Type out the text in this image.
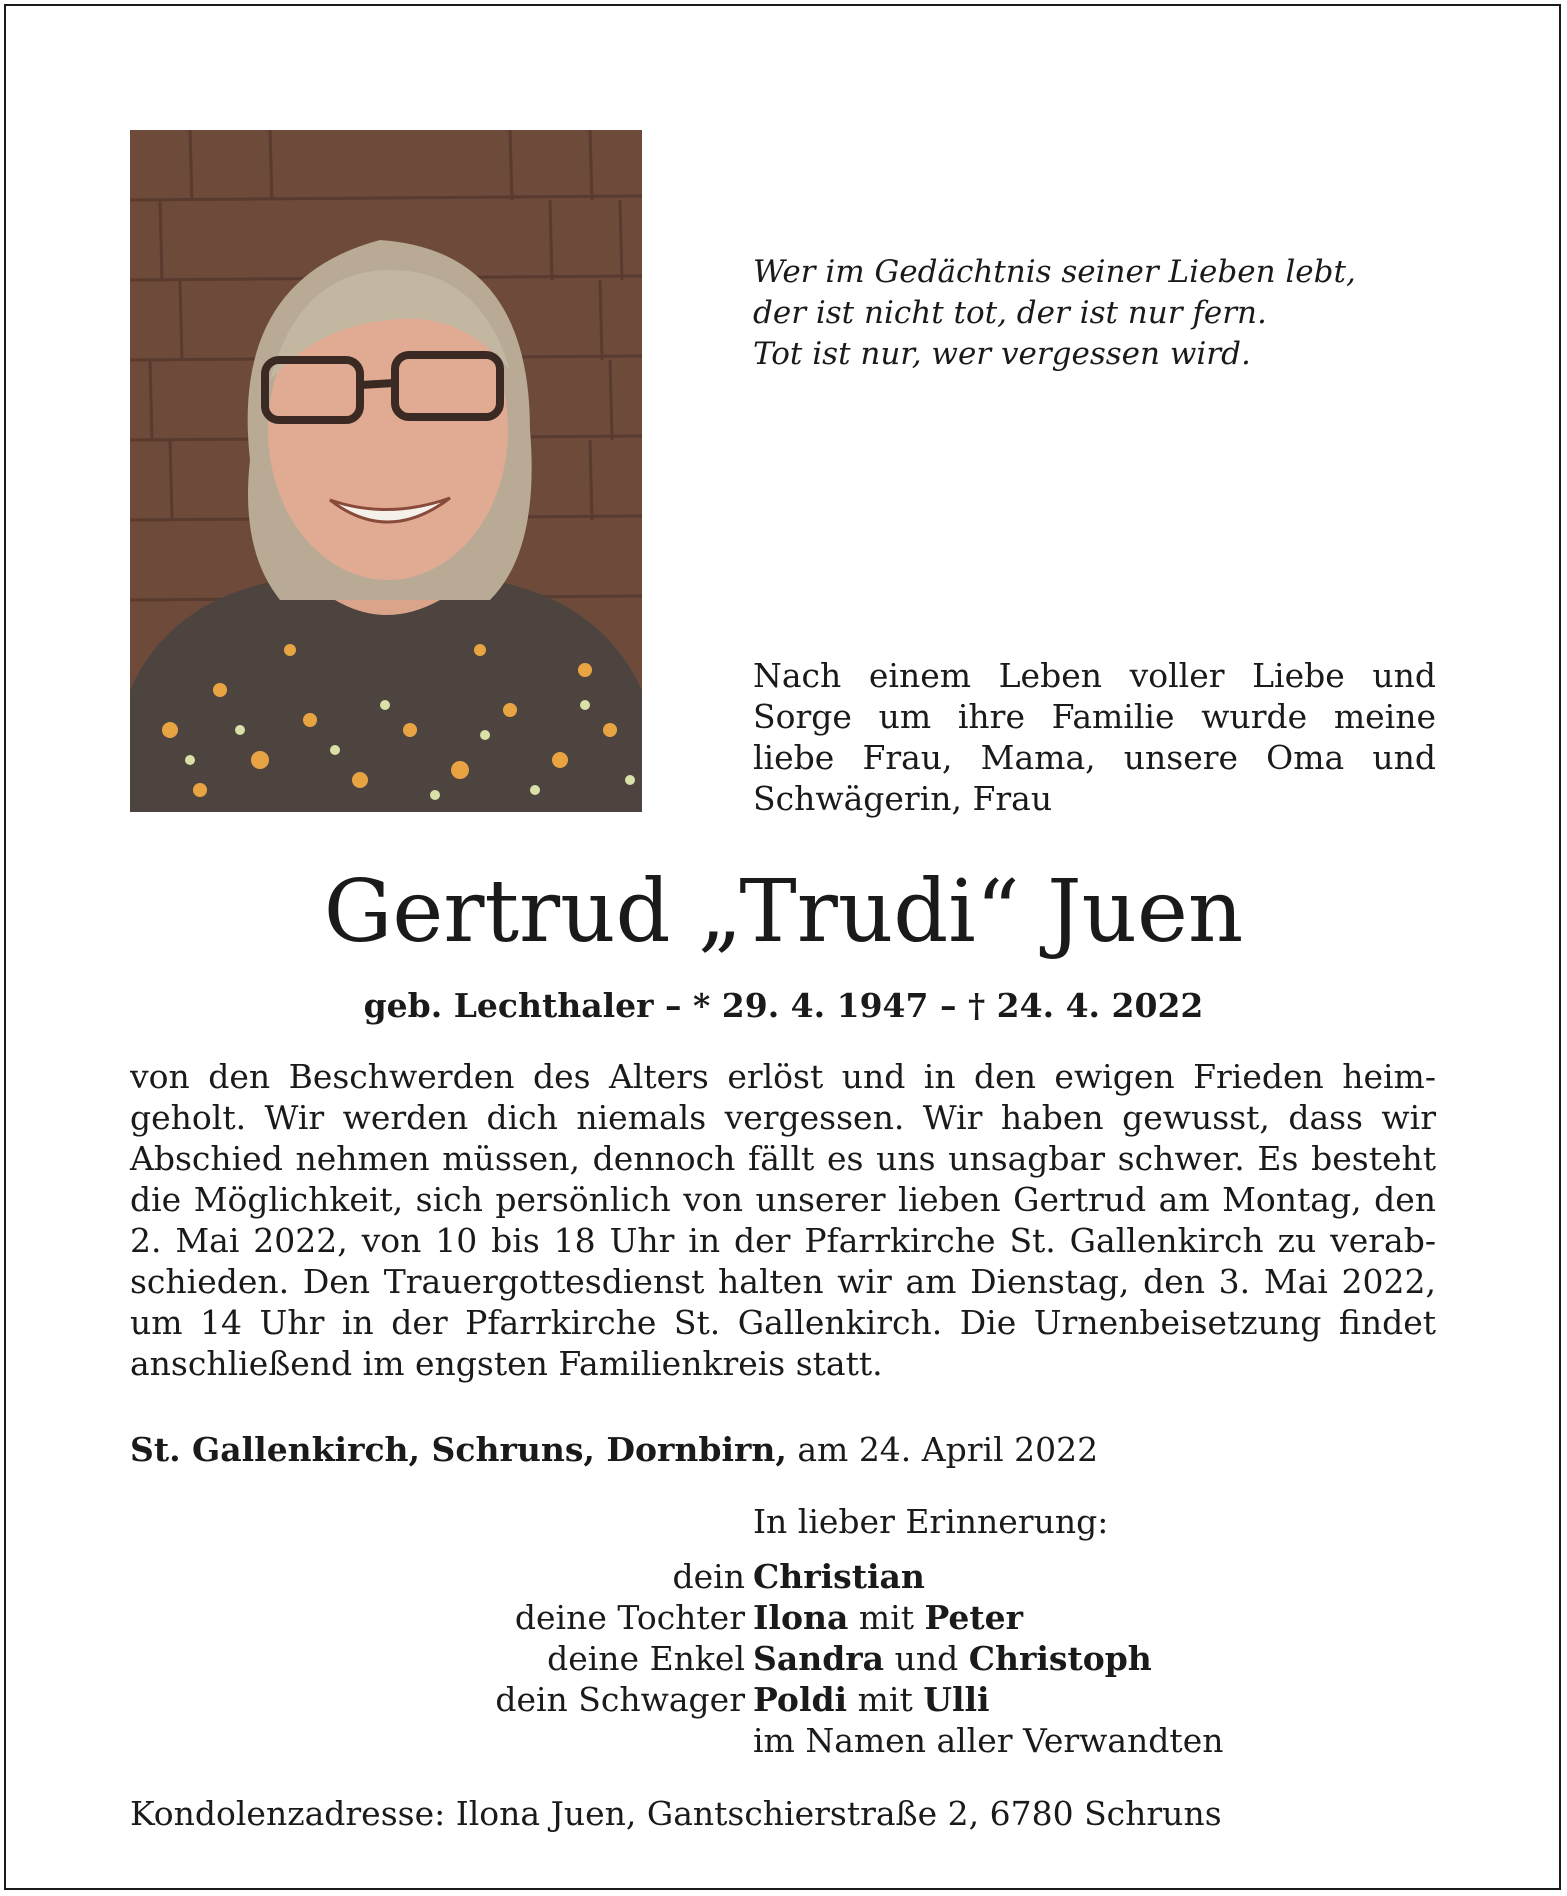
Wer im Gedächtnis seiner Lieben lebt,
der ist nicht tot, der ist nur fern.
Tot ist nur, wer vergessen wird.
Nach einem Leben voller Liebe und Sorge um ihre Familie wurde meine liebe Frau, Mama, unsere Oma und Schwägerin, Frau
Gertrud „Trudi“ Juen
geb. Lechthaler – * 29. 4. 1947 – † 24. 4. 2022
von den Beschwerden des Alters erlöst und in den ewigen Frieden heim-
geholt. Wir werden dich niemals vergessen. Wir haben gewusst, dass wir
Abschied nehmen müssen, dennoch fällt es uns unsagbar schwer. Es besteht
die Möglichkeit, sich persönlich von unserer lieben Gertrud am Montag, den
2. Mai 2022, von 10 bis 18 Uhr in der Pfarrkirche St. Gallenkirch zu verab-
schieden. Den Trauergottesdienst halten wir am Dienstag, den 3. Mai 2022,
um 14 Uhr in der Pfarrkirche St. Gallenkirch. Die Urnenbeisetzung findet
anschließend im engsten Familienkreis statt.
St. Gallenkirch, Schruns, Dornbirn, am 24. April 2022
In lieber Erinnerung:
dein Christian
deine Tochter Ilona mit Peter
deine Enkel Sandra und Christoph
dein Schwager Poldi mit Ulli
im Namen aller Verwandten
Kondolenzadresse: Ilona Juen, Gantschierstraße 2, 6780 Schruns
